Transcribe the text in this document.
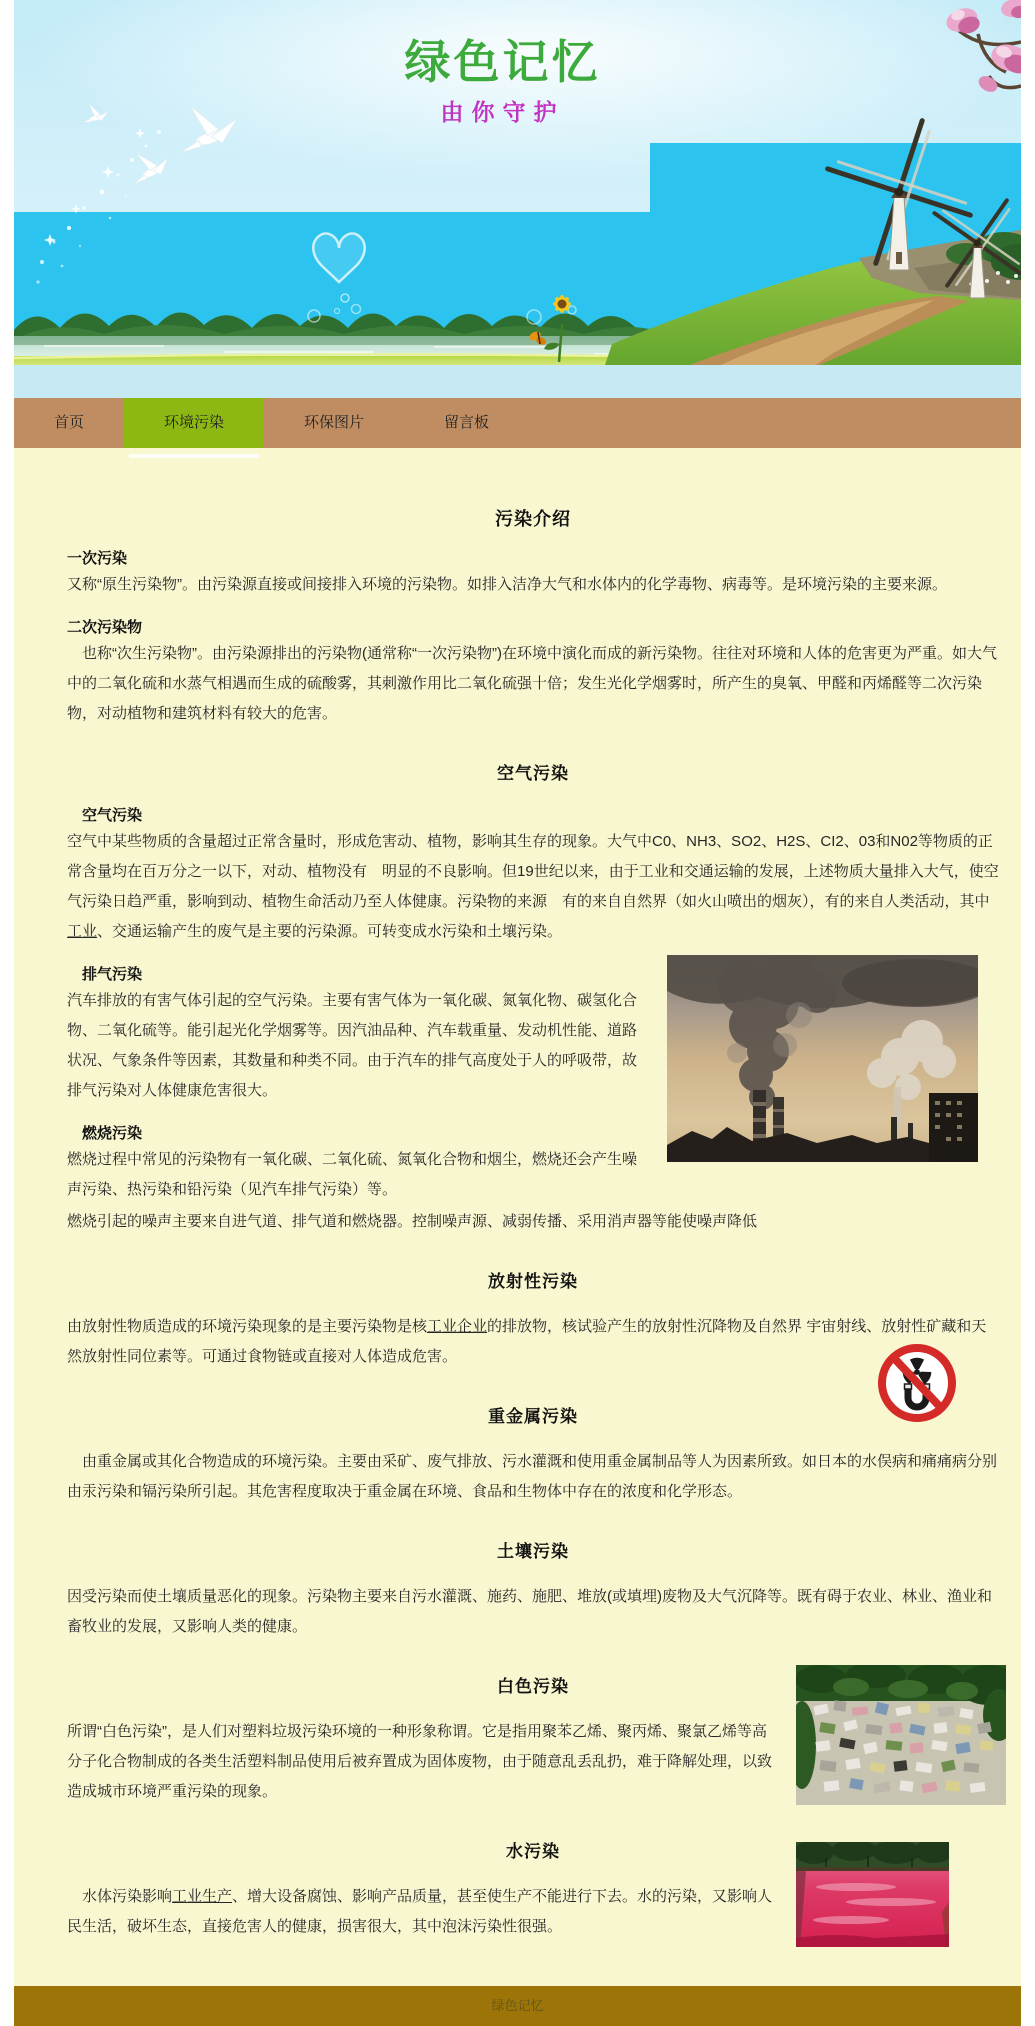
绿色记忆
由你守护
首页	环境污染	环保图片	留言板
污染介绍
一次污染

又称“原生污染物”。由污染源直接或间接排入环境的污染物。如排入洁净大气和水体内的化学毒物、病毒等。是环境污染的主要来源。

二次污染物

也称“次生污染物”。由污染源排出的污染物(通常称“一次污染物”)在环境中演化而成的新污染物。往往对环境和人体的危害更为严重。如大气中的二氧化硫和水蒸气相遇而生成的硫酸雾，其刺激作用比二氧化硫强十倍；发生光化学烟雾时，所产生的臭氧、甲醛和丙烯醛等二次污染物，对动植物和建筑材料有较大的危害。

空气污染
空气污染

空气中某些物质的含量超过正常含量时，形成危害动、植物，影响其生存的现象。大气中C0、NH3、SO2、H2S、CI2、03和N02等物质的正常含量均在百万分之一以下，对动、植物没有　明显的不良影响。但19世纪以来，由于工业和交通运输的发展，上述物质大量排入大气，使空气污染日趋严重，影响到动、植物生命活动乃至人体健康。污染物的来源　有的来自自然界（如火山喷出的烟灰），有的来自人类活动，其中工业、交通运输产生的废气是主要的污染源。可转变成水污染和土壤污染。

排气污染

汽车排放的有害气体引起的空气污染。主要有害气体为一氧化碳、氮氧化物、碳氢化合物、二氧化硫等。能引起光化学烟雾等。因汽油品种、汽车载重量、发动机性能、道路状况、气象条件等因素，其数量和种类不同。由于汽车的排气高度处于人的呼吸带，故排气污染对人体健康危害很大。

燃烧污染

燃烧过程中常见的污染物有一氧化碳、二氧化硫、氮氧化合物和烟尘，燃烧还会产生噪声污染、热污染和铅污染（见汽车排气污染）等。

燃烧引起的噪声主要来自进气道、排气道和燃烧器。控制噪声源、减弱传播、采用消声器等能使噪声降低

放射性污染

由放射性物质造成的环境污染现象的是主要污染物是核工业企业的排放物，核试验产生的放射性沉降物及自然界 宇宙射线、放射性矿藏和天然放射性同位素等。可通过食物链或直接对人体造成危害。

重金属污染

由重金属或其化合物造成的环境污染。主要由采矿、废气排放、污水灌溉和使用重金属制品等人为因素所致。如日本的水俣病和痛痛病分别由汞污染和镉污染所引起。其危害程度取决于重金属在环境、食品和生物体中存在的浓度和化学形态。

土壤污染

因受污染而使土壤质量恶化的现象。污染物主要来自污水灌溉、施药、施肥、堆放(或填埋)废物及大气沉降等。既有碍于农业、林业、渔业和畜牧业的发展，又影响人类的健康。

白色污染

所谓“白色污染”，是人们对塑料垃圾污染环境的一种形象称谓。它是指用聚苯乙烯、聚丙烯、聚氯乙烯等高分子化合物制成的各类生活塑料制品使用后被弃置成为固体废物，由于随意乱丢乱扔，难于降解处理，以致造成城市环境严重污染的现象。

水污染

水体污染影响工业生产、增大设备腐蚀、影响产品质量，甚至使生产不能进行下去。水的污染，又影响人民生活，破坏生态，直接危害人的健康，损害很大，其中泡沫污染性很强。

绿色记忆
